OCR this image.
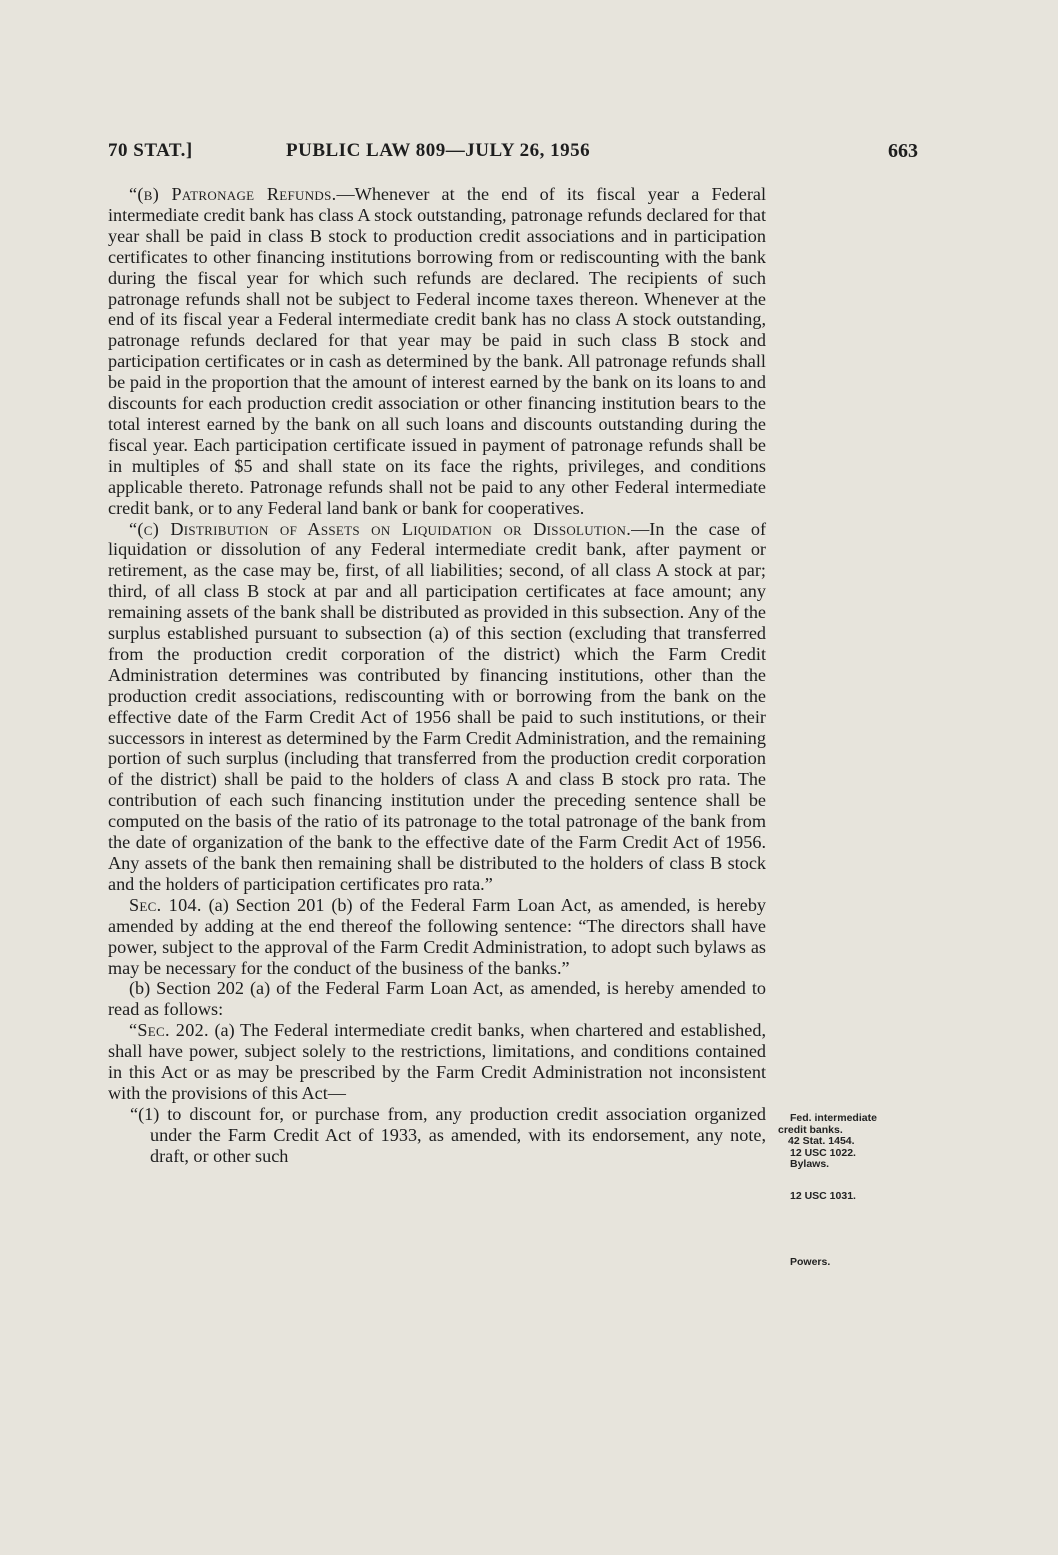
70 STAT.]	PUBLIC LAW 809—JULY 26, 1956	663

“(b) Patronage Refunds.—Whenever at the end of its fiscal year a Federal intermediate credit bank has class A stock outstanding, patronage refunds declared for that year shall be paid in class B stock to production credit associations and in participation certificates to other financing institutions borrowing from or rediscounting with the bank during the fiscal year for which such refunds are declared. The recipients of such patronage refunds shall not be subject to Federal income taxes thereon. Whenever at the end of its fiscal year a Federal intermediate credit bank has no class A stock outstanding, patronage refunds declared for that year may be paid in such class B stock and participation certificates or in cash as determined by the bank. All patronage refunds shall be paid in the proportion that the amount of interest earned by the bank on its loans to and discounts for each production credit association or other financing institution bears to the total interest earned by the bank on all such loans and discounts outstanding during the fiscal year. Each participation certificate issued in payment of patronage refunds shall be in multiples of $5 and shall state on its face the rights, privileges, and conditions applicable thereto. Patronage refunds shall not be paid to any other Federal intermediate credit bank, or to any Federal land bank or bank for cooperatives.

“(c) Distribution of Assets on Liquidation or Dissolution.—In the case of liquidation or dissolution of any Federal intermediate credit bank, after payment or retirement, as the case may be, first, of all liabilities; second, of all class A stock at par; third, of all class B stock at par and all participation certificates at face amount; any remaining assets of the bank shall be distributed as provided in this subsection. Any of the surplus established pursuant to subsection (a) of this section (excluding that transferred from the production credit corporation of the district) which the Farm Credit Administration determines was contributed by financing institutions, other than the production credit associations, rediscounting with or borrowing from the bank on the effective date of the Farm Credit Act of 1956 shall be paid to such institutions, or their successors in interest as determined by the Farm Credit Administration, and the remaining portion of such surplus (including that transferred from the production credit corporation of the district) shall be paid to the holders of class A and class B stock pro rata. The contribution of each such financing institution under the preceding sentence shall be computed on the basis of the ratio of its patronage to the total patronage of the bank from the date of organization of the bank to the effective date of the Farm Credit Act of 1956. Any assets of the bank then remaining shall be distributed to the holders of class B stock and the holders of participation certificates pro rata.”

Sec. 104. (a) Section 201 (b) of the Federal Farm Loan Act, as amended, is hereby amended by adding at the end thereof the following sentence: “The directors shall have power, subject to the approval of the Farm Credit Administration, to adopt such bylaws as may be necessary for the conduct of the business of the banks.”

(b) Section 202 (a) of the Federal Farm Loan Act, as amended, is hereby amended to read as follows:

“Sec. 202. (a) The Federal intermediate credit banks, when chartered and established, shall have power, subject solely to the restrictions, limitations, and conditions contained in this Act or as may be prescribed by the Farm Credit Administration not inconsistent with the provisions of this Act—

“(1) to discount for, or purchase from, any production credit association organized under the Farm Credit Act of 1933, as amended, with its endorsement, any note, draft, or other such

Fed. intermediate
credit banks.
42 Stat. 1454.
12 USC 1022.
Bylaws.
12 USC 1031.
Powers.
